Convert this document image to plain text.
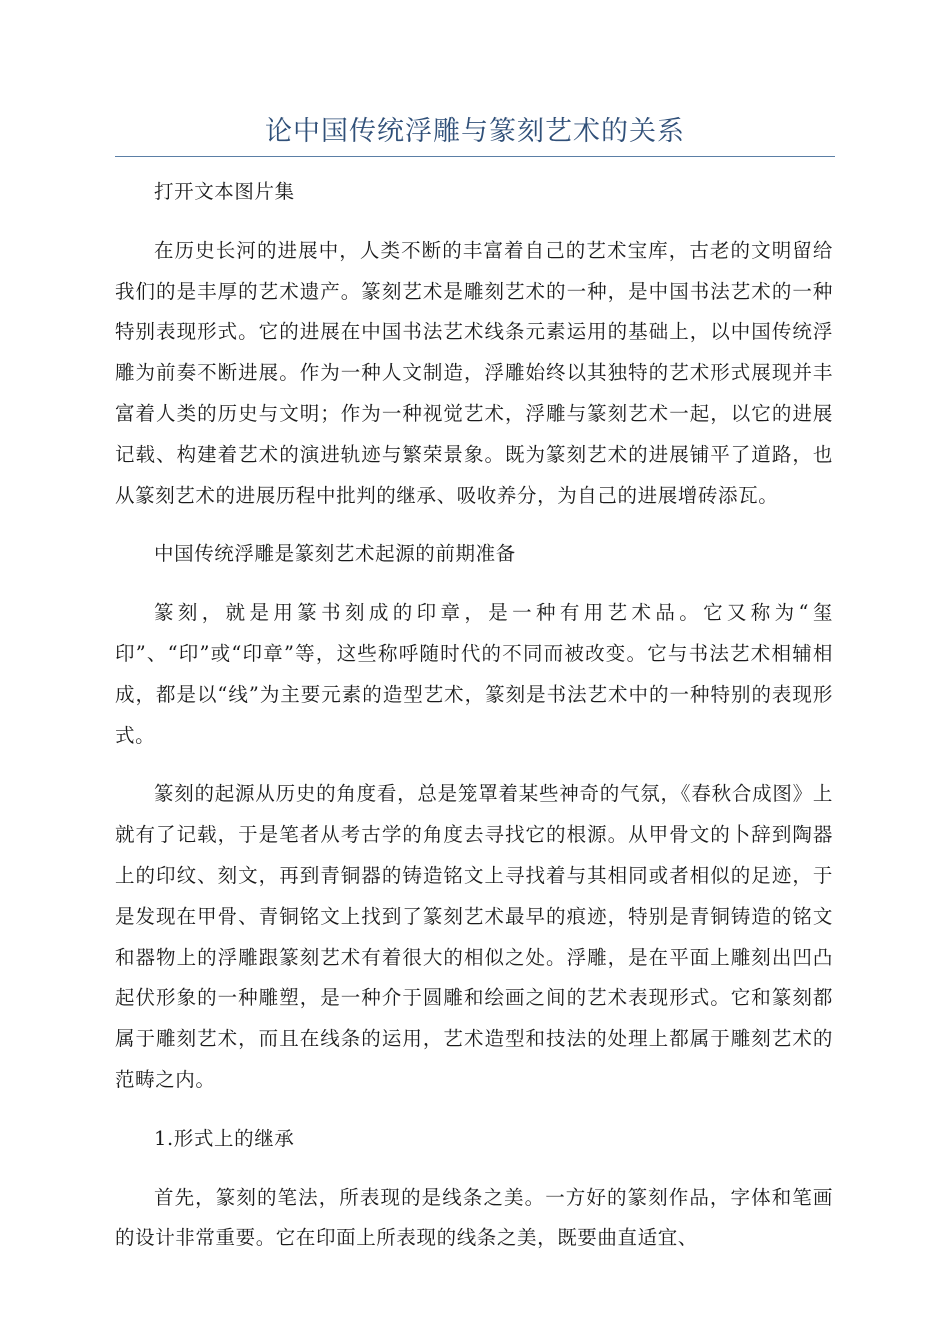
论中国传统浮雕与篆刻艺术的关系

打开文本图片集

在历史长河的进展中，人类不断的丰富着自己的艺术宝库，古老的文明留给我们的是丰厚的艺术遗产。篆刻艺术是雕刻艺术的一种，是中国书法艺术的一种特别表现形式。它的进展在中国书法艺术线条元素运用的基础上，以中国传统浮雕为前奏不断进展。作为一种人文制造，浮雕始终以其独特的艺术形式展现并丰富着人类的历史与文明；作为一种视觉艺术，浮雕与篆刻艺术一起，以它的进展记载、构建着艺术的演进轨迹与繁荣景象。既为篆刻艺术的进展铺平了道路，也从篆刻艺术的进展历程中批判的继承、吸收养分，为自己的进展增砖添瓦。

中国传统浮雕是篆刻艺术起源的前期准备

篆刻，就是用篆书刻成的印章，是一种有用艺术品。它又称为“玺印”、“印”或“印章”等，这些称呼随时代的不同而被改变。它与书法艺术相辅相成，都是以“线”为主要元素的造型艺术，篆刻是书法艺术中的一种特别的表现形式。

篆刻的起源从历史的角度看，总是笼罩着某些神奇的气氛，《春秋合成图》上就有了记载，于是笔者从考古学的角度去寻找它的根源。从甲骨文的卜辞到陶器上的印纹、刻文，再到青铜器的铸造铭文上寻找着与其相同或者相似的足迹，于是发现在甲骨、青铜铭文上找到了篆刻艺术最早的痕迹，特别是青铜铸造的铭文和器物上的浮雕跟篆刻艺术有着很大的相似之处。浮雕，是在平面上雕刻出凹凸起伏形象的一种雕塑，是一种介于圆雕和绘画之间的艺术表现形式。它和篆刻都属于雕刻艺术，而且在线条的运用，艺术造型和技法的处理上都属于雕刻艺术的范畴之内。

1.形式上的继承

首先，篆刻的笔法，所表现的是线条之美。一方好的篆刻作品，字体和笔画的设计非常重要。它在印面上所表现的线条之美，既要曲直适宜、
